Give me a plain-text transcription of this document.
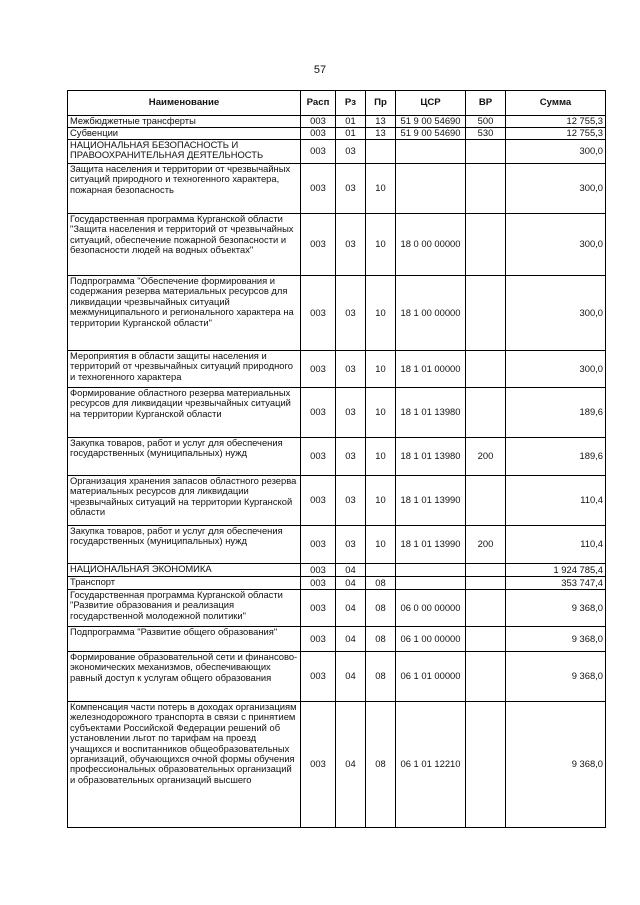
57
Наименование	Расп	Рз	Пр	ЦСР	ВР	Сумма
Межбюджетные трансферты	003	01	13	51 9 00 54690	500	12 755,3
Субвенции	003	01	13	51 9 00 54690	530	12 755,3
НАЦИОНАЛЬНАЯ БЕЗОПАСНОСТЬ И ПРАВООХРАНИТЕЛЬНАЯ ДЕЯТЕЛЬНОСТЬ	003	03				300,0
Защита населения и территории от чрезвычайных ситуаций природного и техногенного характера, пожарная безопасность	003	03	10			300,0
Государственная программа Курганской области "Защита населения и территорий от чрезвычайных ситуаций, обеспечение пожарной безопасности и безопасности людей на водных объектах"	003	03	10	18 0 00 00000		300,0
Подпрограмма "Обеспечение формирования и содержания резерва материальных ресурсов для ликвидации чрезвычайных ситуаций межмуниципального и регионального характера на территории Курганской области"	003	03	10	18 1 00 00000		300,0
Мероприятия в области защиты населения и территорий от чрезвычайных ситуаций природного и техногенного характера	003	03	10	18 1 01 00000		300,0
Формирование областного резерва материальных ресурсов для ликвидации чрезвычайных ситуаций на территории Курганской области	003	03	10	18 1 01 13980		189,6
Закупка товаров, работ и услуг для обеспечения государственных (муниципальных) нужд	003	03	10	18 1 01 13980	200	189,6
Организация хранения запасов областного резерва материальных ресурсов для ликвидации чрезвычайных ситуаций на территории Курганской области	003	03	10	18 1 01 13990		110,4
Закупка товаров, работ и услуг для обеспечения государственных (муниципальных) нужд	003	03	10	18 1 01 13990	200	110,4
НАЦИОНАЛЬНАЯ ЭКОНОМИКА	003	04				1 924 785,4
Транспорт	003	04	08			353 747,4
Государственная программа Курганской области "Развитие образования и реализация государственной молодежной политики"	003	04	08	06 0 00 00000		9 368,0
Подпрограмма "Развитие общего образования"	003	04	08	06 1 00 00000		9 368,0
Формирование образовательной сети и финансово-экономических механизмов, обеспечивающих равный доступ к услугам общего образования	003	04	08	06 1 01 00000		9 368,0
Компенсация части потерь в доходах организациям железнодорожного транспорта в связи с принятием субъектами Российской Федерации решений об установлении льгот по тарифам на проезд учащихся и воспитанников общеобразовательных организаций, обучающихся очной формы обучения профессиональных образовательных организаций и образовательных организаций высшего	003	04	08	06 1 01 12210		9 368,0
